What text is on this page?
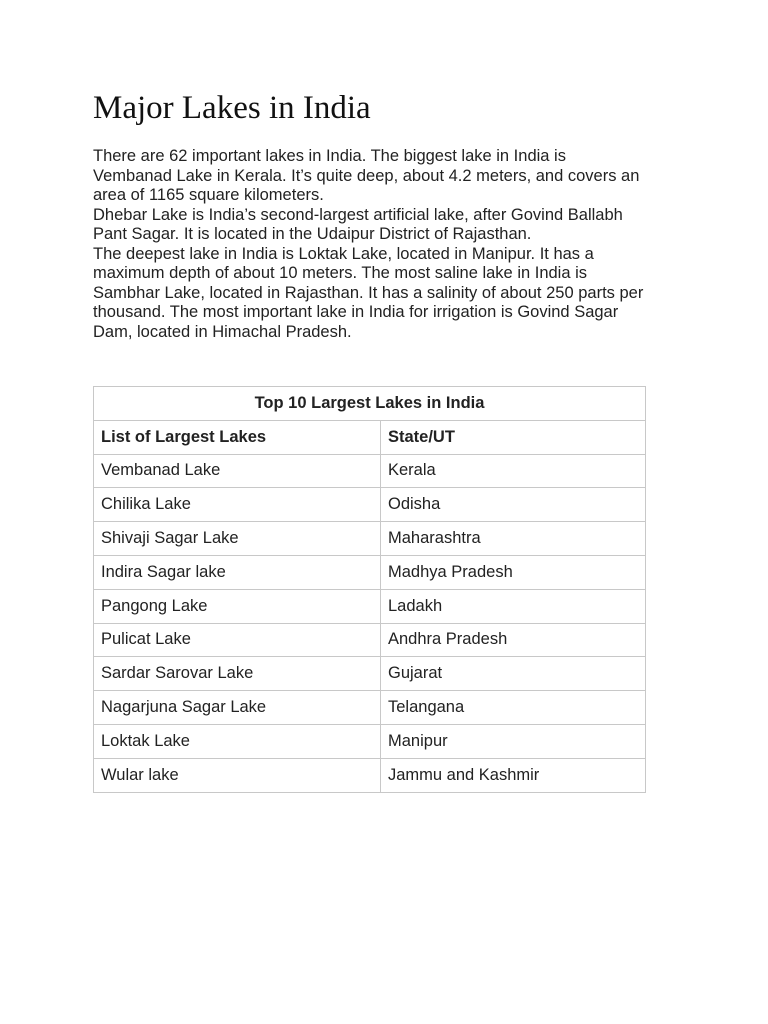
Major Lakes in India
There are 62 important lakes in India. The biggest lake in India is
Vembanad Lake in Kerala. It’s quite deep, about 4.2 meters, and covers an
area of 1165 square kilometers.
Dhebar Lake is India’s second-largest artificial lake, after Govind Ballabh
Pant Sagar. It is located in the Udaipur District of Rajasthan.
The deepest lake in India is Loktak Lake, located in Manipur. It has a
maximum depth of about 10 meters. The most saline lake in India is
Sambhar Lake, located in Rajasthan. It has a salinity of about 250 parts per
thousand. The most important lake in India for irrigation is Govind Sagar
Dam, located in Himachal Pradesh.
Top 10 Largest Lakes in India	
List of Largest Lakes	State/UT
Vembanad Lake	Kerala
Chilika Lake	Odisha
Shivaji Sagar Lake	Maharashtra
Indira Sagar lake	Madhya Pradesh
Pangong Lake	Ladakh
Pulicat Lake	Andhra Pradesh
Sardar Sarovar Lake	Gujarat
Nagarjuna Sagar Lake	Telangana
Loktak Lake	Manipur
Wular lake	Jammu and Kashmir
